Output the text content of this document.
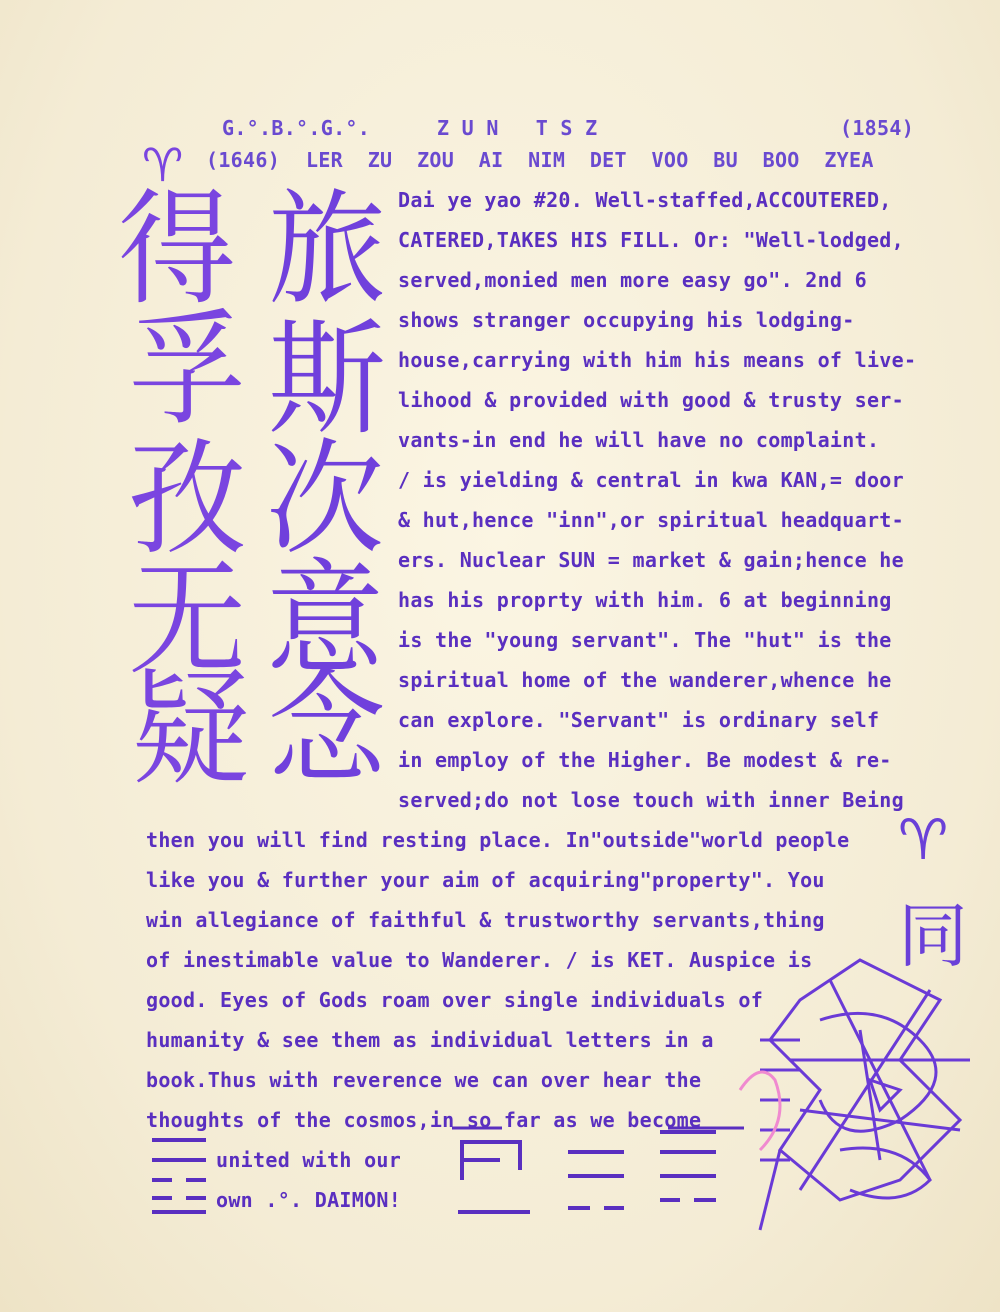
G.°.B.°.G.°.	Z U N   T S Z	(1854)
♈ (1646) LER  ZU  ZOU  AI  NIM  DET  VOO  BU  BOO  ZYEA
得
孚
孜
无
疑
旅
斯
次
意
念
Dai ye yao #20. Well-staffed,ACCOUTERED,
CATERED,TAKES HIS FILL. Or: "Well-lodged,
served,monied men more easy go". 2nd 6
shows stranger occupying his lodging-
house,carrying with him his means of live-
lihood & provided with good & trusty ser-
vants-in end he will have no complaint.
/ is yielding & central in kwa KAN,= door
& hut,hence "inn",or spiritual headquart-
ers. Nuclear SUN = market & gain;hence he
has his proprty with him. 6 at beginning
is the "young servant". The "hut" is the
spiritual home of the wanderer,whence he
can explore. "Servant" is ordinary self
in employ of the Higher. Be modest & re-
served;do not lose touch with inner Being
then you will find resting place. In"outside"world people
like you & further your aim of acquiring"property". You
win allegiance of faithful & trustworthy servants,thing
of inestimable value to Wanderer. / is KET. Auspice is
good. Eyes of Gods roam over single individuals of
humanity & see them as individual letters in a
book.Thus with reverence we can over hear the
thoughts of the cosmos,in so far as we become
united with our
own .°. DAIMON!
♈
同
